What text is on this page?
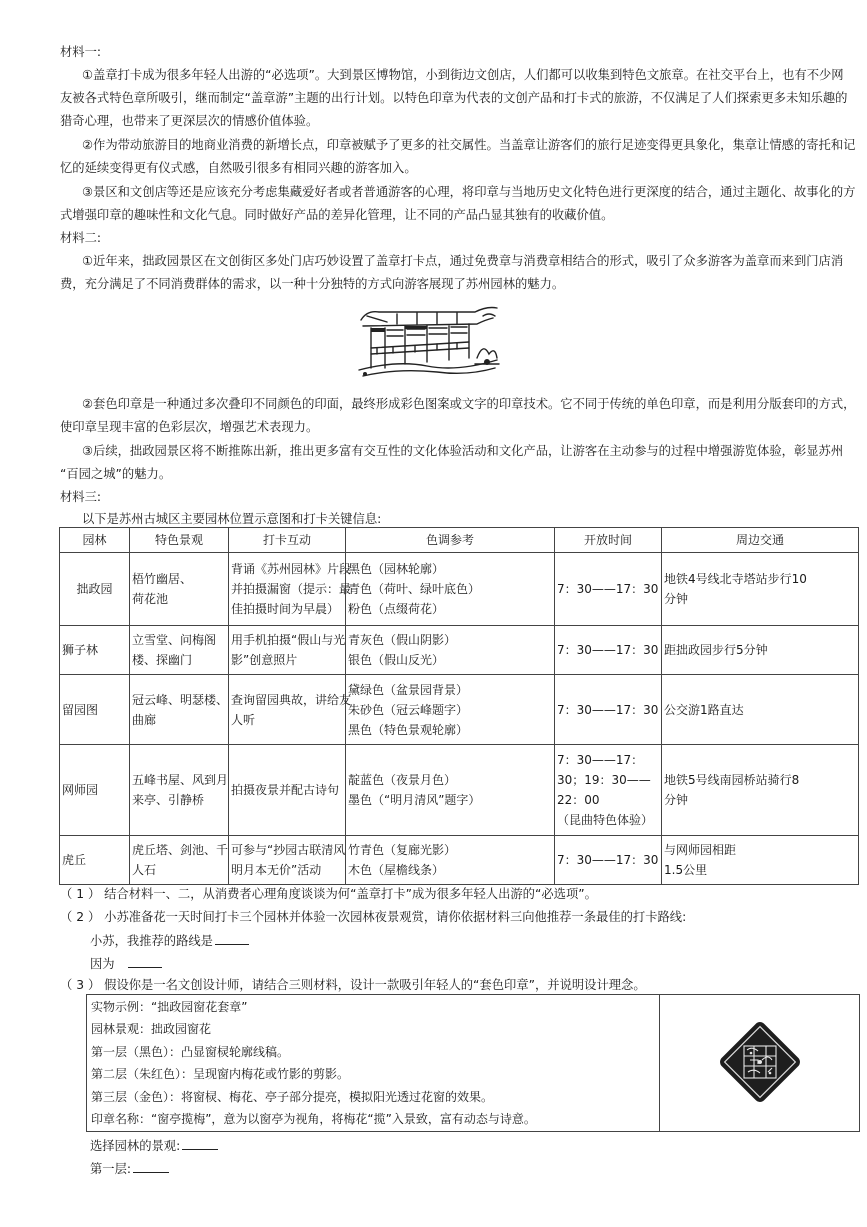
材料一:
①盖章打卡成为很多年轻人出游的“必选项”。大到景区博物馆，小到街边文创店，人们都可以收集到特色文旅章。在社交平台上，也有不少网
友被各式特色章所吸引，继而制定“盖章游”主题的出行计划。以特色印章为代表的文创产品和打卡式的旅游，不仅满足了人们探索更多未知乐趣的
猎奇心理，也带来了更深层次的情感价值体验。
②作为带动旅游目的地商业消费的新增长点，印章被赋予了更多的社交属性。当盖章让游客们的旅行足迹变得更具象化，集章让情感的寄托和记
忆的延续变得更有仪式感，自然吸引很多有相同兴趣的游客加入。
③景区和文创店等还是应该充分考虑集藏爱好者或者普通游客的心理，将印章与当地历史文化特色进行更深度的结合，通过主题化、故事化的方
式增强印章的趣味性和文化气息。同时做好产品的差异化管理，让不同的产品凸显其独有的收藏价值。
材料二:
①近年来，拙政园景区在文创街区多处门店巧妙设置了盖章打卡点，通过免费章与消费章相结合的形式，吸引了众多游客为盖章而来到门店消
费，充分满足了不同消费群体的需求，以一种十分独特的方式向游客展现了苏州园林的魅力。
②套色印章是一种通过多次叠印不同颜色的印面，最终形成彩色图案或文字的印章技术。它不同于传统的单色印章，而是利用分版套印的方式，
使印章呈现丰富的色彩层次，增强艺术表现力。
③后续，拙政园景区将不断推陈出新，推出更多富有交互性的文化体验活动和文化产品，让游客在主动参与的过程中增强游览体验，彰显苏州
“百园之城”的魅力。
材料三:
以下是苏州古城区主要园林位置示意图和打卡关键信息:
园林	特色景观	打卡互动	色调参考	开放时间	周边交通
拙政园	梧竹幽居、
荷花池	背诵《苏州园林》片段
并拍摄漏窗（提示：最
佳拍摄时间为早晨）	黑色（园林轮廓）
青色（荷叶、绿叶底色）
粉色（点缀荷花）	7：30——17：30	地铁4号线北寺塔站步行10
分钟

狮子林	立雪堂、问梅阁
楼、探幽门	用手机拍摄“假山与光
影”创意照片	青灰色（假山阴影）
银色（假山反光）	7：30——17：30	距拙政园步行5分钟

留园图	冠云峰、明瑟楼、
曲廊	查询留园典故，讲给友
人听	黛绿色（盆景园背景）
朱砂色（冠云峰题字）
黑色（特色景观轮廓）	7：30——17：30	公交游1路直达

网师园	五峰书屋、风到月
来亭、引静桥	拍摄夜景并配古诗句	靛蓝色（夜景月色）
墨色（“明月清风”题字）	7：30——17：
30；19：30——
22：00
（昆曲特色体验）	地铁5号线南园桥站骑行8
分钟

虎丘	虎丘塔、剑池、千
人石	可参与“抄园古联清风
明月本无价”活动	竹青色（复廊光影）
木色（屋檐线条）	7：30——17：30	与网师园相距
1.5公里
（ 1 ） 结合材料一、二，从消费者心理角度谈谈为何“盖章打卡”成为很多年轻人出游的“必选项”。
（ 2 ） 小苏准备花一天时间打卡三个园林并体验一次园林夜景观赏，请你依据材料三向他推荐一条最佳的打卡路线:
小苏，我推荐的路线是
因为
（ 3 ） 假设你是一名文创设计师，请结合三则材料，设计一款吸引年轻人的“套色印章”，并说明设计理念。
实物示例：“拙政园窗花套章”
园林景观：拙政园窗花
第一层（黑色）：凸显窗棂轮廓线稿。
第二层（朱红色）：呈现窗内梅花或竹影的剪影。
第三层（金色）：将窗棂、梅花、亭子部分提亮，模拟阳光透过花窗的效果。
印章名称：“窗亭揽梅”，意为以窗亭为视角，将梅花“揽”入景致，富有动态与诗意。

选择园林的景观:
第一层:
